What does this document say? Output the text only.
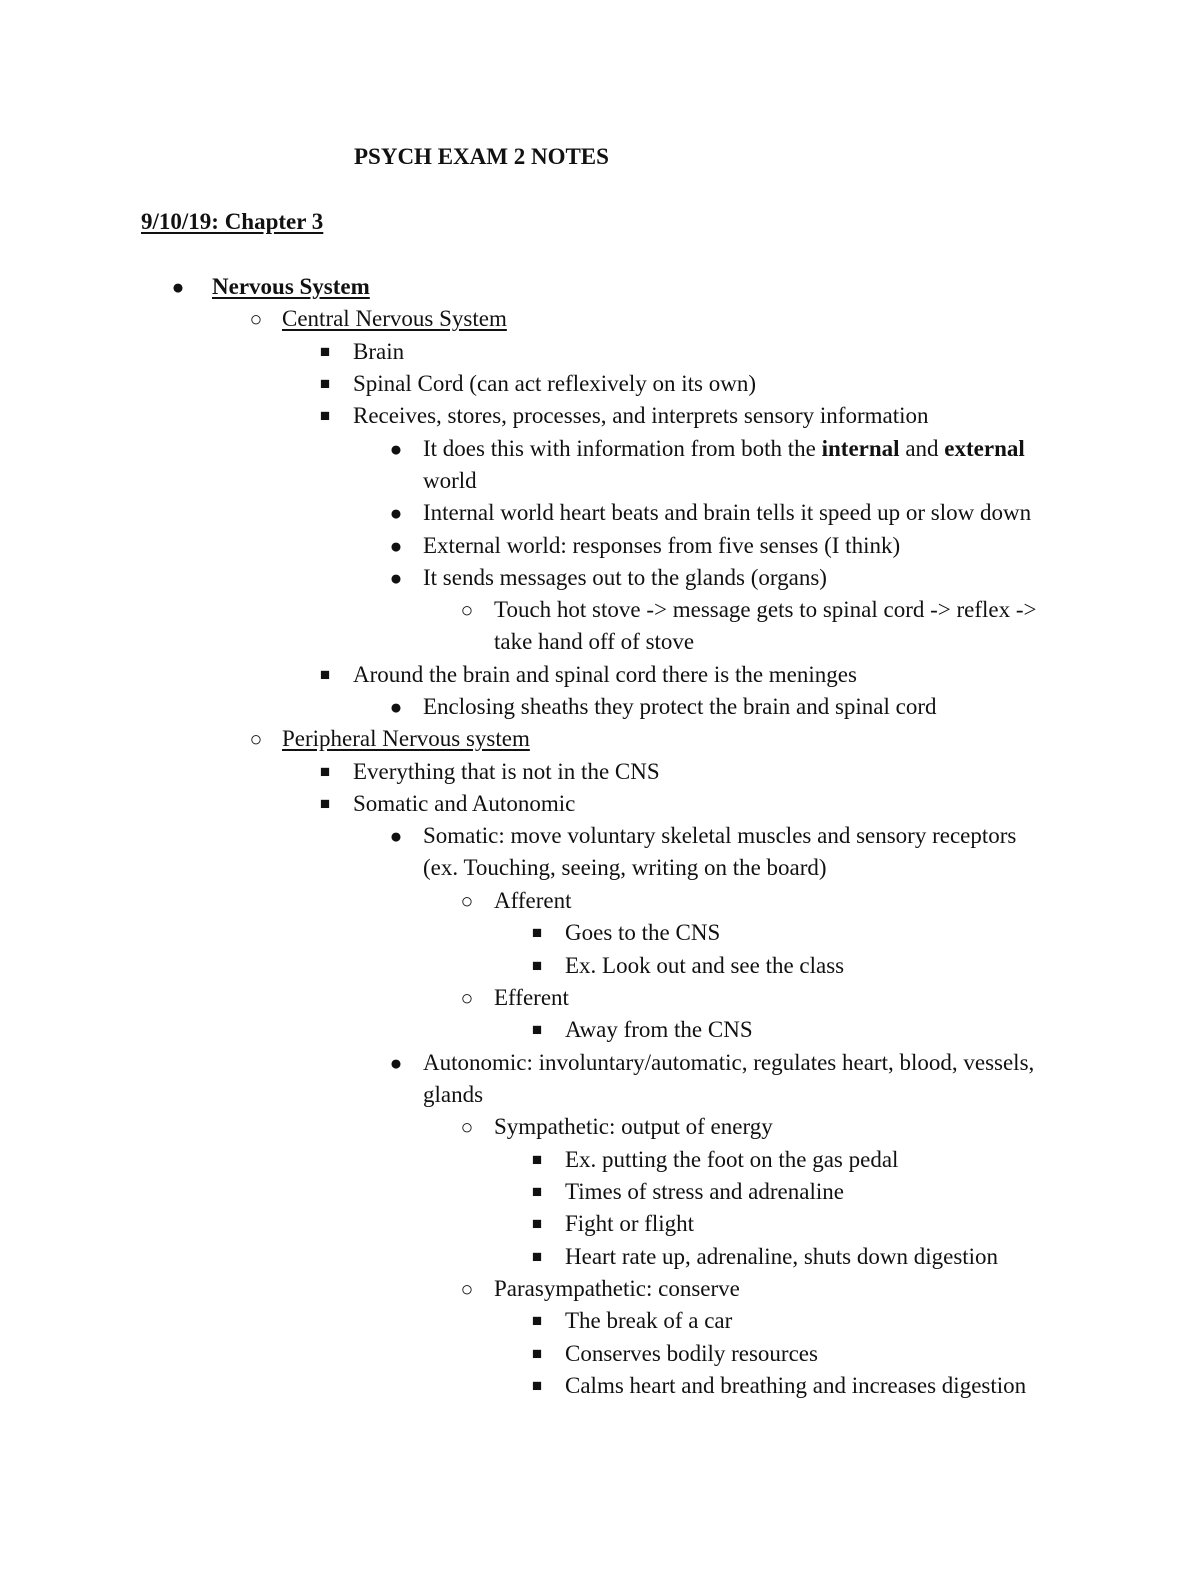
PSYCH EXAM 2 NOTES
9/10/19: Chapter 3
● Nervous System
○ Central Nervous System
■ Brain
■ Spinal Cord (can act reflexively on its own)
■ Receives, stores, processes, and interprets sensory information
● It does this with information from both the internal and external
world
● Internal world heart beats and brain tells it speed up or slow down
● External world: responses from five senses (I think)
● It sends messages out to the glands (organs)
○ Touch hot stove -> message gets to spinal cord -> reflex ->
take hand off of stove
■ Around the brain and spinal cord there is the meninges
● Enclosing sheaths they protect the brain and spinal cord
○ Peripheral Nervous system
■ Everything that is not in the CNS
■ Somatic and Autonomic
● Somatic: move voluntary skeletal muscles and sensory receptors
(ex. Touching, seeing, writing on the board)
○ Afferent
■ Goes to the CNS
■ Ex. Look out and see the class
○ Efferent
■ Away from the CNS
● Autonomic: involuntary/automatic, regulates heart, blood, vessels,
glands
○ Sympathetic: output of energy
■ Ex. putting the foot on the gas pedal
■ Times of stress and adrenaline
■ Fight or flight
■ Heart rate up, adrenaline, shuts down digestion
○ Parasympathetic: conserve
■ The break of a car
■ Conserves bodily resources
■ Calms heart and breathing and increases digestion
